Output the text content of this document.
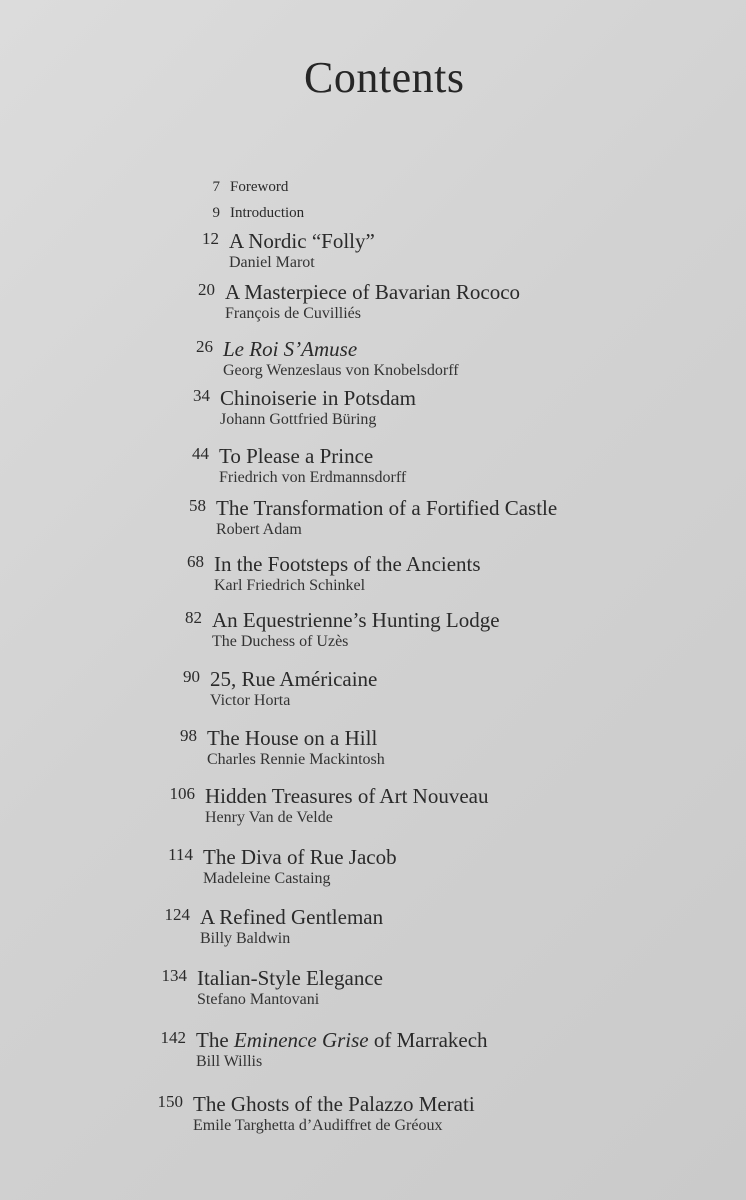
Contents
7 Foreword
9 Introduction
12 A Nordic “Folly”
Daniel Marot
20 A Masterpiece of Bavarian Rococo
François de Cuvilliés
26 Le Roi S’Amuse
Georg Wenzeslaus von Knobelsdorff
34 Chinoiserie in Potsdam
Johann Gottfried Büring
44 To Please a Prince
Friedrich von Erdmannsdorff
58 The Transformation of a Fortified Castle
Robert Adam
68 In the Footsteps of the Ancients
Karl Friedrich Schinkel
82 An Equestrienne’s Hunting Lodge
The Duchess of Uzès
90 25, Rue Américaine
Victor Horta
98 The House on a Hill
Charles Rennie Mackintosh
106 Hidden Treasures of Art Nouveau
Henry Van de Velde
114 The Diva of Rue Jacob
Madeleine Castaing
124 A Refined Gentleman
Billy Baldwin
134 Italian-Style Elegance
Stefano Mantovani
142 The Eminence Grise of Marrakech
Bill Willis
150 The Ghosts of the Palazzo Merati
Emile Targhetta d’Audiffret de Gréoux
